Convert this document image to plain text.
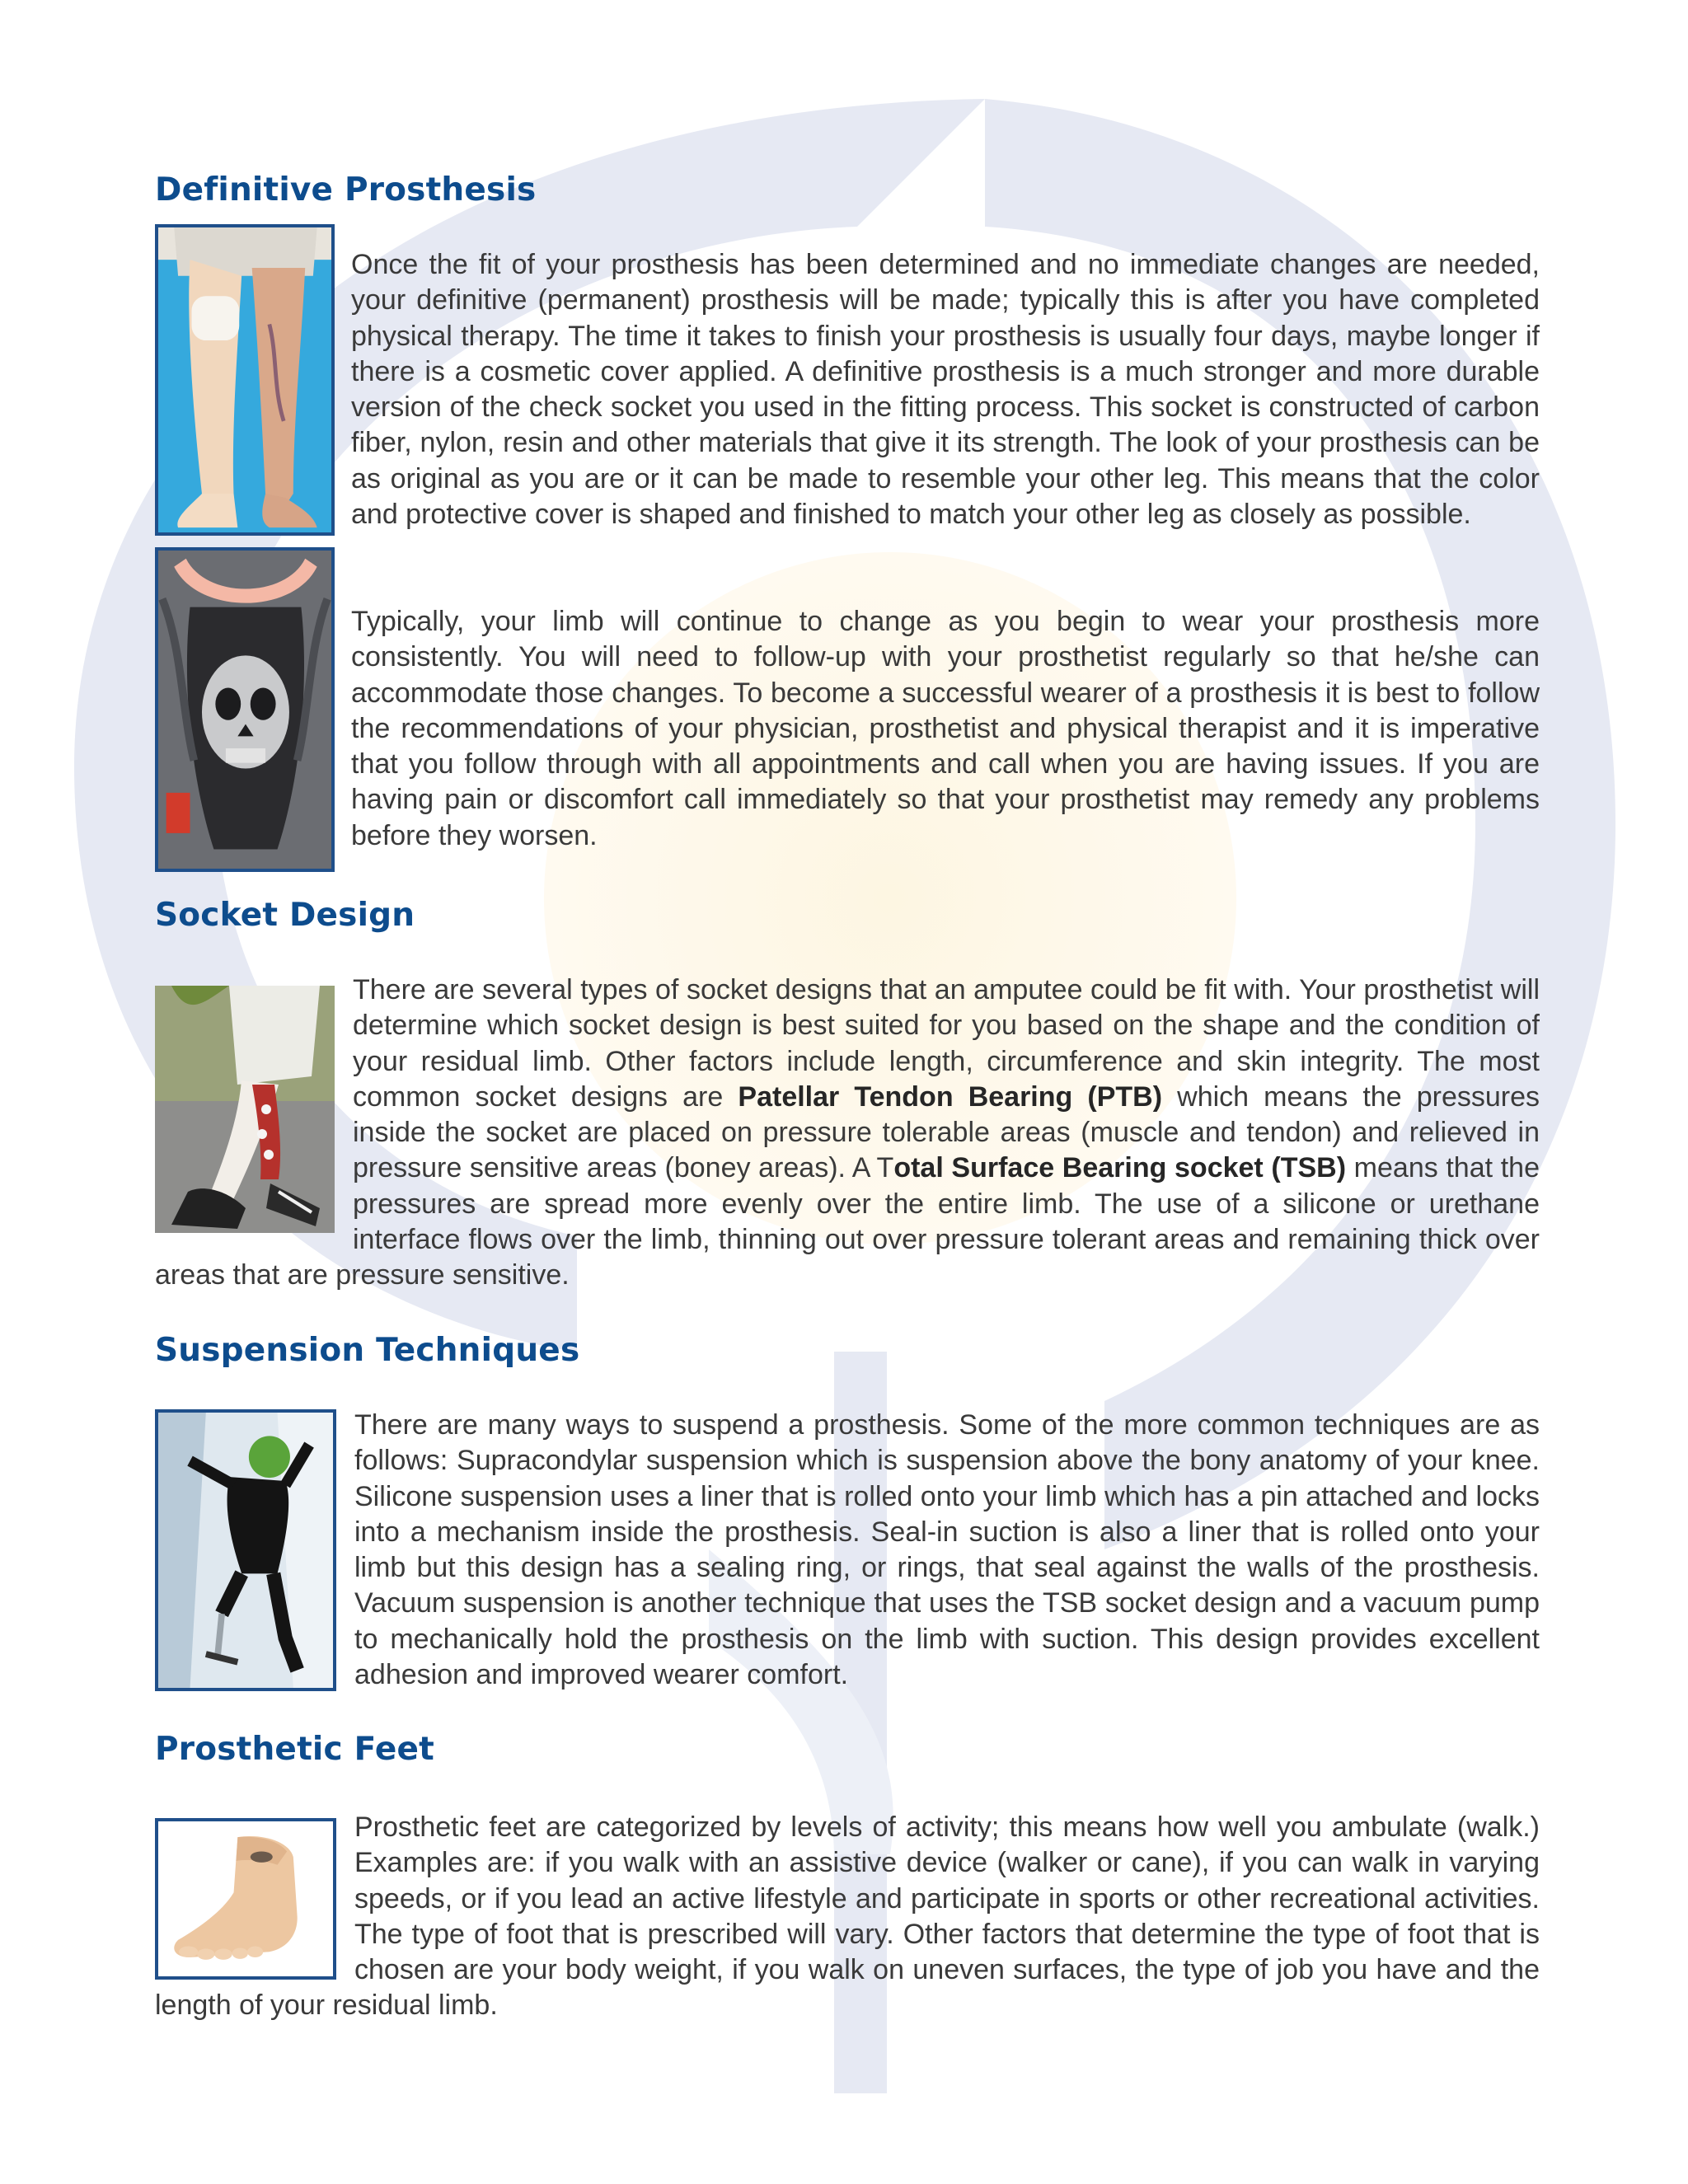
Definitive Prosthesis

Once the fit of your prosthesis has been determined and no immediate changes are needed, your definitive (permanent) prosthesis will be made; typically this is after you have completed physical therapy. The time it takes to finish your prosthesis is usually four days, maybe longer if there is a cosmetic cover applied. A definitive prosthesis is a much stronger and more durable version of the check socket you used in the fitting process. This socket is constructed of carbon fiber, nylon, resin and other materials that give it its strength. The look of your prosthesis can be as original as you are or it can be made to resemble your other leg. This means that the color and protective cover is shaped and finished to match your other leg as closely as possible.

Typically, your limb will continue to change as you begin to wear your prosthesis more consistently. You will need to follow-up with your prosthetist regularly so that he/she can accommodate those changes. To become a successful wearer of a prosthesis it is best to follow the recommendations of your physician, prosthetist and physical therapist and it is imperative that you follow through with all appointments and call when you are having issues. If you are having pain or discomfort call immediately so that your prosthetist may remedy any problems before they worsen.

Socket Design

There are several types of socket designs that an amputee could be fit with. Your prosthetist will determine which socket design is best suited for you based on the shape and the condition of your residual limb. Other factors include length, circumference and skin integrity. The most common socket designs are Patellar Tendon Bearing (PTB) which means the pressures inside the socket are placed on pressure tolerable areas (muscle and tendon) and relieved in pressure sensitive areas (boney areas). A Total Surface Bearing socket (TSB) means that the pressures are spread more evenly over the entire limb. The use of a silicone or urethane interface flows over the limb, thinning out over pressure tolerant areas and remaining thick over areas that are pressure sensitive.

Suspension Techniques

There are many ways to suspend a prosthesis. Some of the more common techniques are as follows: Supracondylar suspension which is suspension above the bony anatomy of your knee. Silicone suspension uses a liner that is rolled onto your limb which has a pin attached and locks into a mechanism inside the prosthesis. Seal-in suction is also a liner that is rolled onto your limb but this design has a sealing ring, or rings, that seal against the walls of the prosthesis. Vacuum suspension is another technique that uses the TSB socket design and a vacuum pump to mechanically hold the prosthesis on the limb with suction. This design provides excellent adhesion and improved wearer comfort.

Prosthetic Feet

Prosthetic feet are categorized by levels of activity; this means how well you ambulate (walk.) Examples are: if you walk with an assistive device (walker or cane), if you can walk in varying speeds, or if you lead an active lifestyle and participate in sports or other recreational activities. The type of foot that is prescribed will vary. Other factors that determine the type of foot that is chosen are your body weight, if you walk on uneven surfaces, the type of job you have and the length of your residual limb.
